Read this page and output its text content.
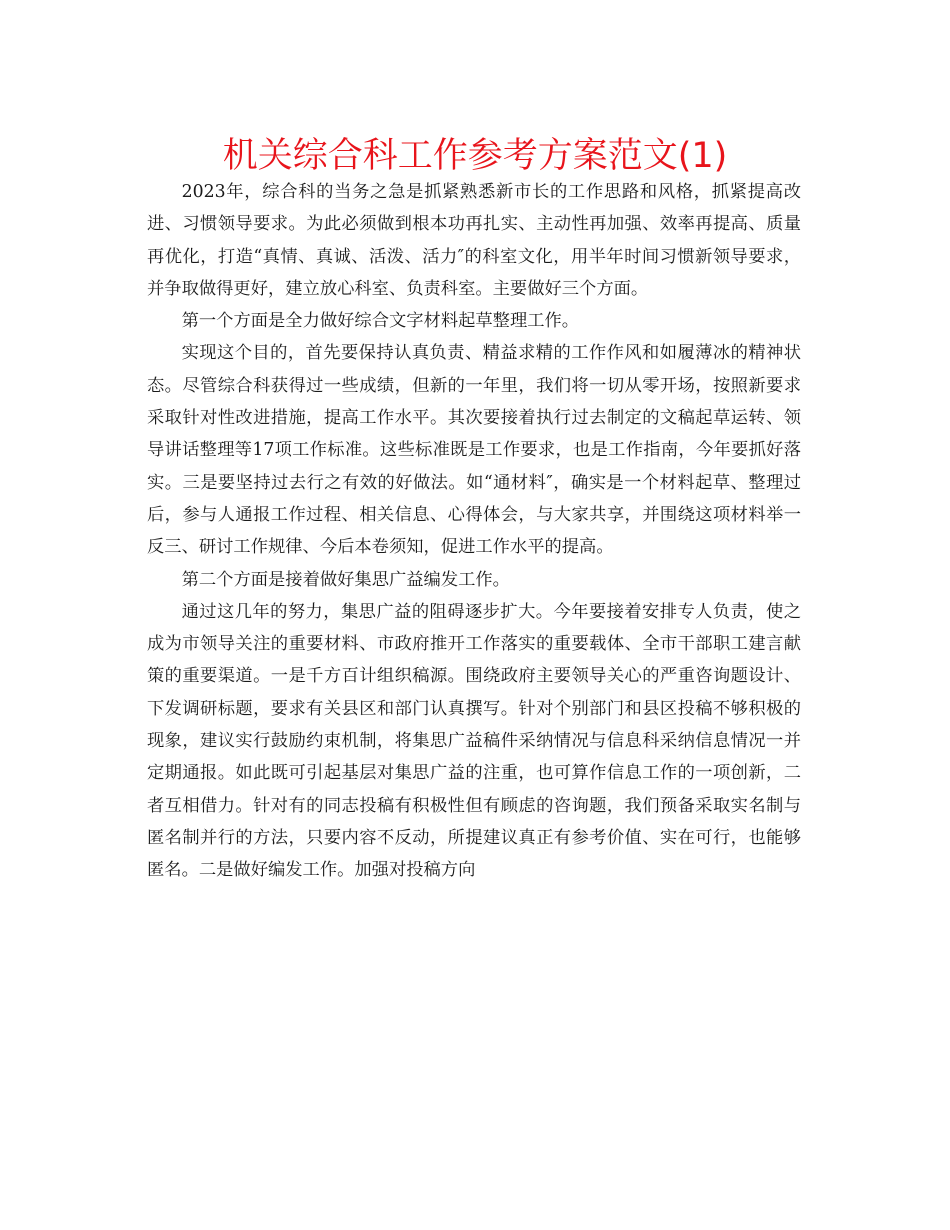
机关综合科工作参考方案范文(1)

2023年，综合科的当务之急是抓紧熟悉新市长的工作思路和风格，抓紧提高改进、习惯领导要求。为此必须做到根本功再扎实、主动性再加强、效率再提高、质量再优化，打造“真情、真诚、活泼、活力″的科室文化，用半年时间习惯新领导要求，并争取做得更好，建立放心科室、负责科室。主要做好三个方面。

第一个方面是全力做好综合文字材料起草整理工作。

实现这个目的，首先要保持认真负责、精益求精的工作作风和如履薄冰的精神状态。尽管综合科获得过一些成绩，但新的一年里，我们将一切从零开场，按照新要求采取针对性改进措施，提高工作水平。其次要接着执行过去制定的文稿起草运转、领导讲话整理等17项工作标准。这些标准既是工作要求，也是工作指南，今年要抓好落实。三是要坚持过去行之有效的好做法。如“通材料″，确实是一个材料起草、整理过后，参与人通报工作过程、相关信息、心得体会，与大家共享，并围绕这项材料举一反三、研讨工作规律、今后本卷须知，促进工作水平的提高。

第二个方面是接着做好集思广益编发工作。

通过这几年的努力，集思广益的阻碍逐步扩大。今年要接着安排专人负责，使之成为市领导关注的重要材料、市政府推开工作落实的重要载体、全市干部职工建言献策的重要渠道。一是千方百计组织稿源。围绕政府主要领导关心的严重咨询题设计、下发调研标题，要求有关县区和部门认真撰写。针对个别部门和县区投稿不够积极的现象，建议实行鼓励约束机制，将集思广益稿件采纳情况与信息科采纳信息情况一并定期通报。如此既可引起基层对集思广益的注重，也可算作信息工作的一项创新，二者互相借力。针对有的同志投稿有积极性但有顾虑的咨询题，我们预备采取实名制与匿名制并行的方法，只要内容不反动，所提建议真正有参考价值、实在可行，也能够匿名。二是做好编发工作。加强对投稿方向
